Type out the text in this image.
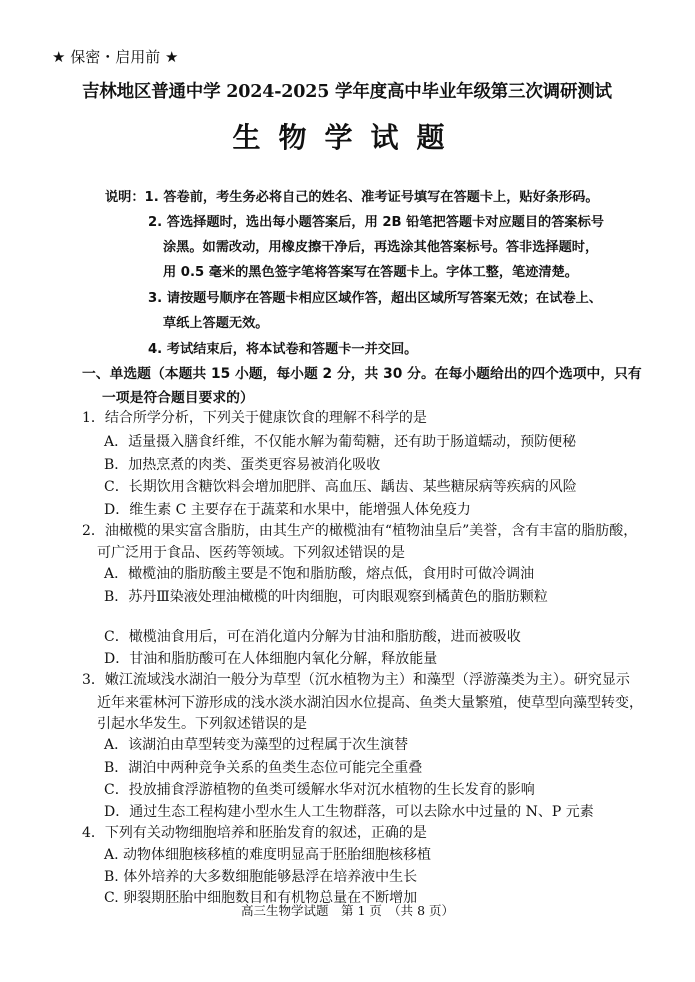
★ 保密・启用前 ★
吉林地区普通中学 2024-2025 学年度高中毕业年级第三次调研测试
生物学试题
说明：1. 答卷前，考生务必将自己的姓名、准考证号填写在答题卡上，贴好条形码。
2. 答选择题时，选出每小题答案后，用 2B 铅笔把答题卡对应题目的答案标号
涂黑。如需改动，用橡皮擦干净后，再选涂其他答案标号。答非选择题时，
用 0.5 毫米的黑色签字笔将答案写在答题卡上。字体工整，笔迹清楚。
3. 请按题号顺序在答题卡相应区域作答，超出区域所写答案无效；在试卷上、
草纸上答题无效。
4. 考试结束后，将本试卷和答题卡一并交回。
一、单选题（本题共 15 小题，每小题 2 分，共 30 分。在每小题给出的四个选项中，只有
一项是符合题目要求的）
1．结合所学分析，下列关于健康饮食的理解不科学的是
A．适量摄入膳食纤维，不仅能水解为葡萄糖，还有助于肠道蠕动，预防便秘
B．加热烹煮的肉类、蛋类更容易被消化吸收
C．长期饮用含糖饮料会增加肥胖、高血压、龋齿、某些糖尿病等疾病的风险
D．维生素 C 主要存在于蔬菜和水果中，能增强人体免疫力
2．油橄榄的果实富含脂肪，由其生产的橄榄油有“植物油皇后”美誉，含有丰富的脂肪酸，
可广泛用于食品、医药等领域。下列叙述错误的是
A．橄榄油的脂肪酸主要是不饱和脂肪酸，熔点低，食用时可做冷调油
B．苏丹Ⅲ染液处理油橄榄的叶肉细胞，可肉眼观察到橘黄色的脂肪颗粒
C．橄榄油食用后，可在消化道内分解为甘油和脂肪酸，进而被吸收
D．甘油和脂肪酸可在人体细胞内氧化分解，释放能量
3．嫩江流域浅水湖泊一般分为草型（沉水植物为主）和藻型（浮游藻类为主）。研究显示
近年来霍林河下游形成的浅水淡水湖泊因水位提高、鱼类大量繁殖，使草型向藻型转变，
引起水华发生。下列叙述错误的是
A．该湖泊由草型转变为藻型的过程属于次生演替
B．湖泊中两种竞争关系的鱼类生态位可能完全重叠
C．投放捕食浮游植物的鱼类可缓解水华对沉水植物的生长发育的影响
D．通过生态工程构建小型水生人工生物群落，可以去除水中过量的 N、P 元素
4．下列有关动物细胞培养和胚胎发育的叙述，正确的是
A. 动物体细胞核移植的难度明显高于胚胎细胞核移植
B. 体外培养的大多数细胞能够悬浮在培养液中生长
C. 卵裂期胚胎中细胞数目和有机物总量在不断增加
高三生物学试题　第 1 页　（共 8 页）
